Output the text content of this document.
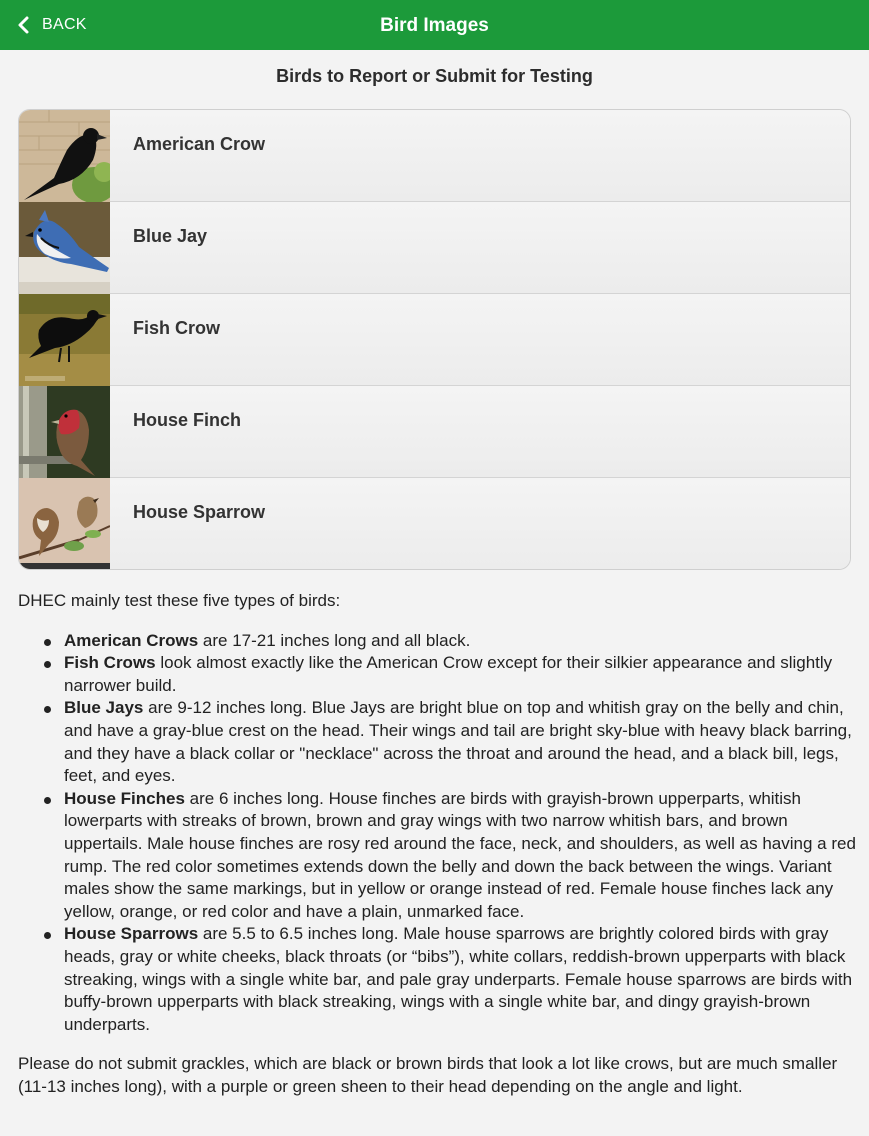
BACK	Bird Images
Birds to Report or Submit for Testing
American Crow
Blue Jay
Fish Crow
House Finch
House Sparrow

DHEC mainly test these five types of birds:

American Crows are 17-21 inches long and all black.
Fish Crows look almost exactly like the American Crow except for their silkier appearance and slightly narrower build.
Blue Jays are 9-12 inches long. Blue Jays are bright blue on top and whitish gray on the belly and chin, and have a gray-blue crest on the head. Their wings and tail are bright sky-blue with heavy black barring, and they have a black collar or "necklace" across the throat and around the head, and a black bill, legs, feet, and eyes.
House Finches are 6 inches long. House finches are birds with grayish-brown upperparts, whitish lowerparts with streaks of brown, brown and gray wings with two narrow whitish bars, and brown uppertails. Male house finches are rosy red around the face, neck, and shoulders, as well as having a red rump. The red color sometimes extends down the belly and down the back between the wings. Variant males show the same markings, but in yellow or orange instead of red. Female house finches lack any yellow, orange, or red color and have a plain, unmarked face.
House Sparrows are 5.5 to 6.5 inches long. Male house sparrows are brightly colored birds with gray heads, gray or white cheeks, black throats (or “bibs”), white collars, reddish-brown upperparts with black streaking, wings with a single white bar, and pale gray underparts. Female house sparrows are birds with buffy-brown upperparts with black streaking, wings with a single white bar, and dingy grayish-brown underparts.

Please do not submit grackles, which are black or brown birds that look a lot like crows, but are much smaller (11-13 inches long), with a purple or green sheen to their head depending on the angle and light.
